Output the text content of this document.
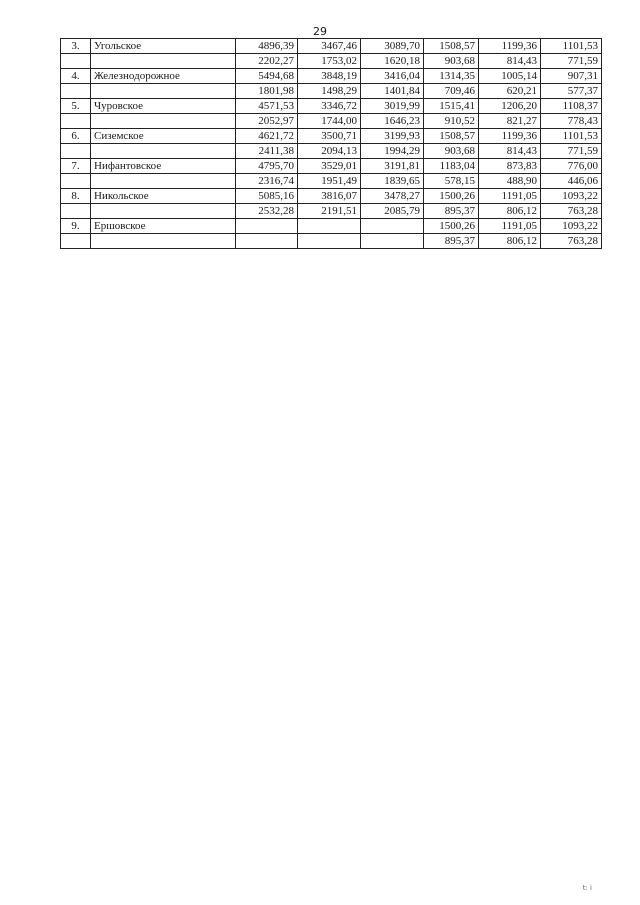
29
3.	Угольское	4896,39	3467,46	3089,70	1508,57	1199,36	1101,53
		2202,27	1753,02	1620,18	903,68	814,43	771,59
4.	Железнодорожное	5494,68	3848,19	3416,04	1314,35	1005,14	907,31
		1801,98	1498,29	1401,84	709,46	620,21	577,37
5.	Чуровское	4571,53	3346,72	3019,99	1515,41	1206,20	1108,37
		2052,97	1744,00	1646,23	910,52	821,27	778,43
6.	Сиземское	4621,72	3500,71	3199,93	1508,57	1199,36	1101,53
		2411,38	2094,13	1994,29	903,68	814,43	771,59
7.	Нифантовское	4795,70	3529,01	3191,81	1183,04	873,83	776,00
		2316,74	1951,49	1839,65	578,15	488,90	446,06
8.	Никольское	5085,16	3816,07	3478,27	1500,26	1191,05	1093,22
		2532,28	2191,51	2085,79	895,37	806,12	763,28
9.	Ершовское				1500,26	1191,05	1093,22
					895,37	806,12	763,28
t: i
